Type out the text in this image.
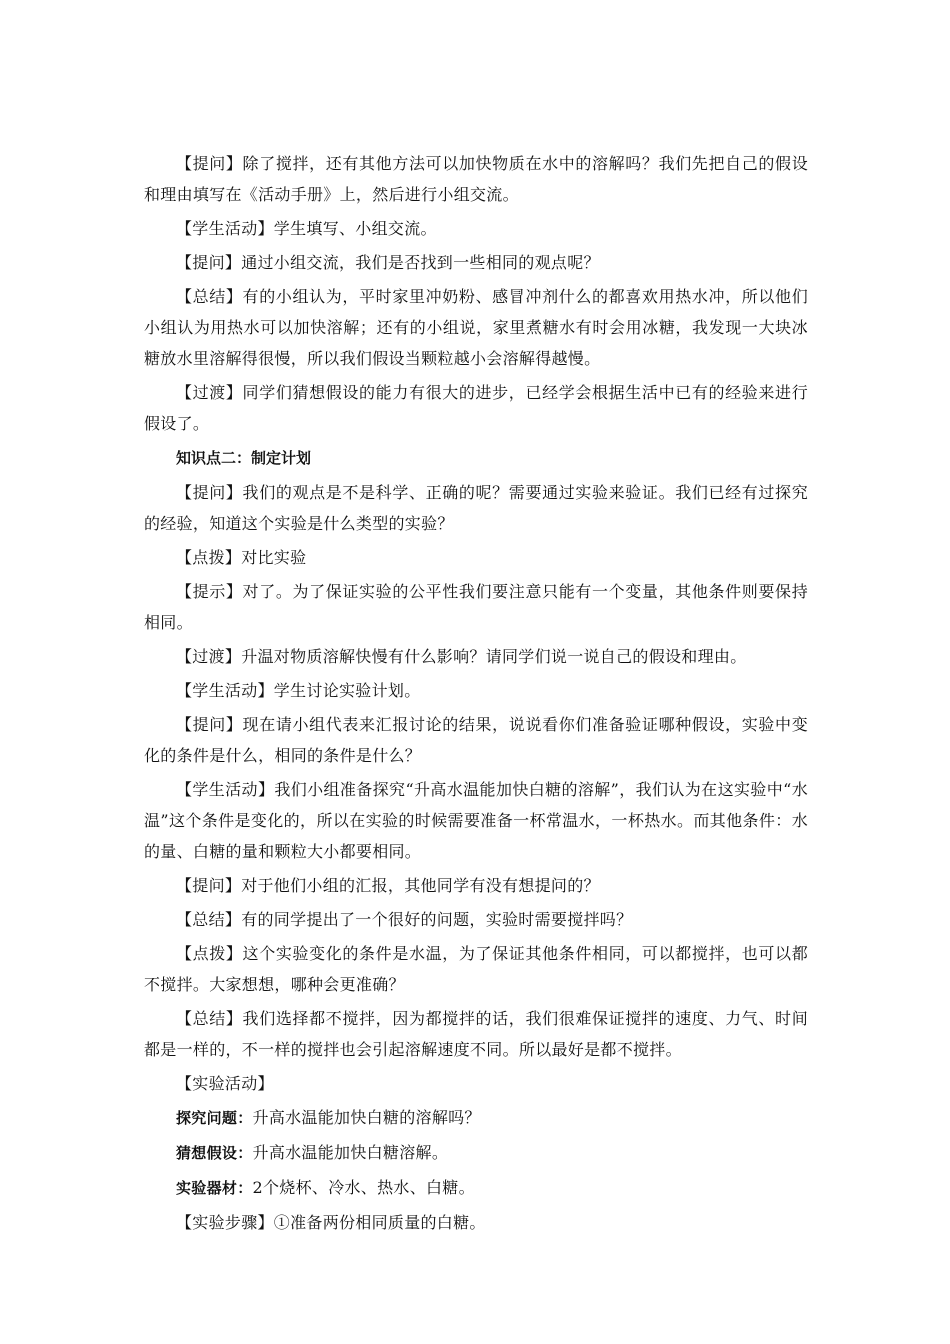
【提问】除了搅拌，还有其他方法可以加快物质在水中的溶解吗？我们先把自己的假设和理由填写在《活动手册》上，然后进行小组交流。

【学生活动】学生填写、小组交流。

【提问】通过小组交流，我们是否找到一些相同的观点呢？

【总结】有的小组认为，平时家里冲奶粉、感冒冲剂什么的都喜欢用热水冲，所以他们小组认为用热水可以加快溶解；还有的小组说，家里煮糖水有时会用冰糖，我发现一大块冰糖放水里溶解得很慢，所以我们假设当颗粒越小会溶解得越慢。

【过渡】同学们猜想假设的能力有很大的进步，已经学会根据生活中已有的经验来进行假设了。

知识点二：制定计划

【提问】我们的观点是不是科学、正确的呢？需要通过实验来验证。我们已经有过探究的经验，知道这个实验是什么类型的实验？

【点拨】对比实验

【提示】对了。为了保证实验的公平性我们要注意只能有一个变量，其他条件则要保持相同。

【过渡】升温对物质溶解快慢有什么影响？请同学们说一说自己的假设和理由。

【学生活动】学生讨论实验计划。

【提问】现在请小组代表来汇报讨论的结果，说说看你们准备验证哪种假设，实验中变化的条件是什么，相同的条件是什么？

【学生活动】我们小组准备探究“升高水温能加快白糖的溶解”，我们认为在这实验中“水温”这个条件是变化的，所以在实验的时候需要准备一杯常温水，一杯热水。而其他条件：水的量、白糖的量和颗粒大小都要相同。

【提问】对于他们小组的汇报，其他同学有没有想提问的？

【总结】有的同学提出了一个很好的问题，实验时需要搅拌吗？

【点拨】这个实验变化的条件是水温，为了保证其他条件相同，可以都搅拌，也可以都不搅拌。大家想想，哪种会更准确？

【总结】我们选择都不搅拌，因为都搅拌的话，我们很难保证搅拌的速度、力气、时间都是一样的，不一样的搅拌也会引起溶解速度不同。所以最好是都不搅拌。

【实验活动】

探究问题：升高水温能加快白糖的溶解吗？

猜想假设：升高水温能加快白糖溶解。

实验器材：2个烧杯、冷水、热水、白糖。

【实验步骤】①准备两份相同质量的白糖。
